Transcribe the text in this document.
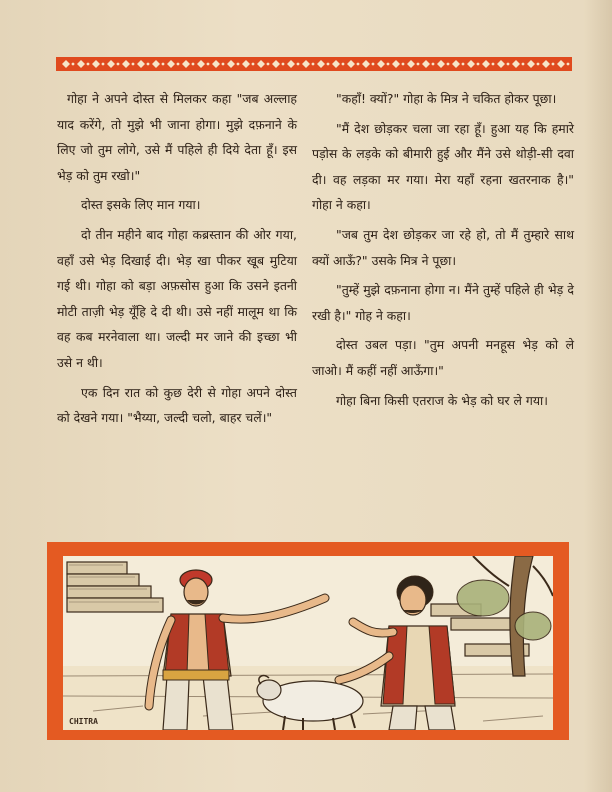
गोहा ने अपने दोस्त से मिलकर कहा "जब अल्लाह याद करेंगे, तो मुझे भी जाना होगा। मुझे दफ़नाने के लिए जो तुम लोगे, उसे मैं पहिले ही दिये देता हूँ। इस भेड़ को तुम रखो।"

दोस्त इसके लिए मान गया।

दो तीन महीने बाद गोहा कब्रस्तान की ओर गया, वहाँ उसे भेड़ दिखाई दी। भेड़ खा पीकर खूब मुटिया गई थी। गोहा को बड़ा अफ़सोस हुआ कि उसने इतनी मोटी ताज़ी भेड़ यूँहि दे दी थी। उसे नहीं मालूम था कि वह कब मरनेवाला था। जल्दी मर जाने की इच्छा भी उसे न थी।

एक दिन रात को कुछ देरी से गोहा अपने दोस्त को देखने गया। "भैय्या, जल्दी चलो, बाहर चलें।"

"कहाँ! क्यों?" गोहा के मित्र ने चकित होकर पूछा।

"मैं देश छोड़कर चला जा रहा हूँ। हुआ यह कि हमारे पड़ोस के लड़के को बीमारी हुई और मैंने उसे थोड़ी-सी दवा दी। वह लड़का मर गया। मेरा यहाँ रहना खतरनाक है।" गोहा ने कहा।

"जब तुम देश छोड़कर जा रहे हो, तो मैं तुम्हारे साथ क्यों आऊँ?" उसके मित्र ने पूछा।

"तुम्हें मुझे दफ़नाना होगा न। मैंने तुम्हें पहिले ही भेड़ दे रखी है।" गोह ने कहा।

दोस्त उबल पड़ा। "तुम अपनी मनहूस भेड़ को ले जाओ। मैं कहीं नहीं आऊँगा।"

गोहा बिना किसी एतराज के भेड़ को घर ले गया।

CHITRA
